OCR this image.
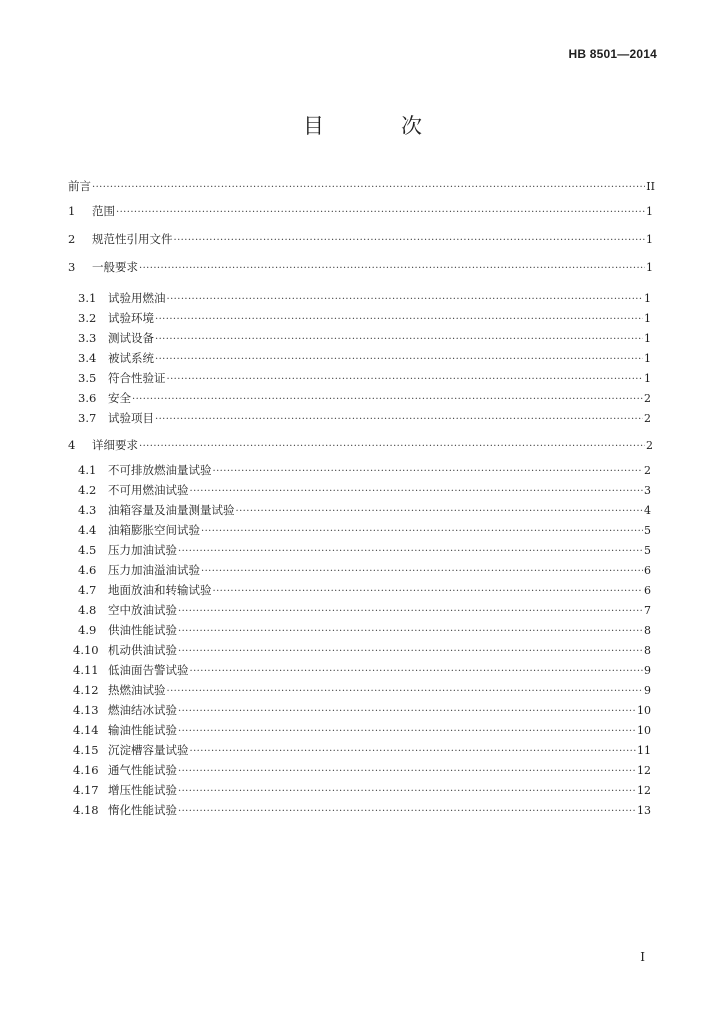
HB 8501—2014
目　次
前言 ·····	II
1	范围 ·····	1
2	规范性引用文件 ·····	1
3	一般要求 ·····	1
3.1	试验用燃油 ·····	1
3.2	试验环境 ·····	1
3.3	测试设备 ·····	1
3.4	被试系统 ·····	1
3.5	符合性验证 ·····	1
3.6	安全 ·····	2
3.7	试验项目 ·····	2
4	详细要求 ·····	2
4.1	不可排放燃油量试验 ·····	2
4.2	不可用燃油试验 ·····	3
4.3	油箱容量及油量测量试验 ·····	4
4.4	油箱膨胀空间试验 ·····	5
4.5	压力加油试验 ·····	5
4.6	压力加油溢油试验 ·····	6
4.7	地面放油和转输试验 ·····	6
4.8	空中放油试验 ·····	7
4.9	供油性能试验 ·····	8
4.10 机动供油试验 ·····	8
4.11 低油面告警试验 ·····	9
4.12 热燃油试验 ·····	9
4.13 燃油结冰试验 ·····	10
4.14 输油性能试验 ·····	10
4.15 沉淀槽容量试验 ·····	11
4.16 通气性能试验 ·····	12
4.17 增压性能试验 ·····	12
4.18 惰化性能试验 ·····	13
I
